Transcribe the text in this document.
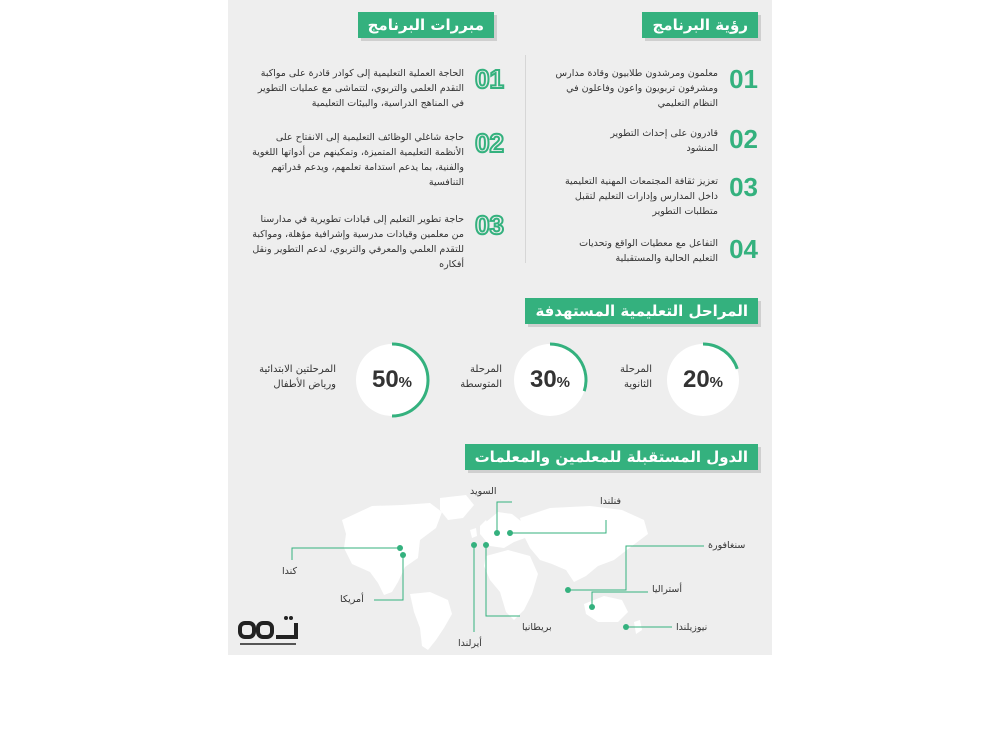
رؤية البرنامج
مبررات البرنامج
01
معلمون ومرشدون طلابيون وقادة مدارس ومشرفون تربويون واعون وفاعلون في النظام التعليمي
02
قادرون على إحداث التطوير المنشود
03
تعزيز ثقافة المجتمعات المهنية التعليمية داخل المدارس وإدارات التعليم لتقبل متطلبات التطوير
04
التفاعل مع معطيات الواقع وتحديات التعليم الحالية والمستقبلية
01
الحاجة العملية التعليمية إلى كوادر قادرة على مواكبة التقدم العلمي والتربوي، لتتماشى مع عمليات التطوير في المناهج الدراسية، والبيئات التعليمية
02
حاجة شاغلي الوظائف التعليمية إلى الانفتاح على الأنظمة التعليمية المتميزة، وتمكينهم من أدواتها اللغوية والفنية، بما يدعم استدامة تعلمهم، ويدعم قدراتهم التنافسية
03
حاجة تطوير التعليم إلى قيادات تطويرية في مدارسنا من معلمين وقيادات مدرسية وإشرافية مؤهلة، ومواكبة للتقدم العلمي والمعرفي والتربوي، لدعم التطوير ونقل أفكاره
المراحل التعليمية المستهدفة
20%
المرحلة
الثانوية
30%
المرحلة
المتوسطة
50%
المرحلتين الابتدائية
ورياض الأطفال
الدول المستقبلة للمعلمين والمعلمات
السويد
فنلندا
سنغافورة
أستراليا
نيوزيلندا
بريطانيا
أيرلندا
أمريكا
كندا
